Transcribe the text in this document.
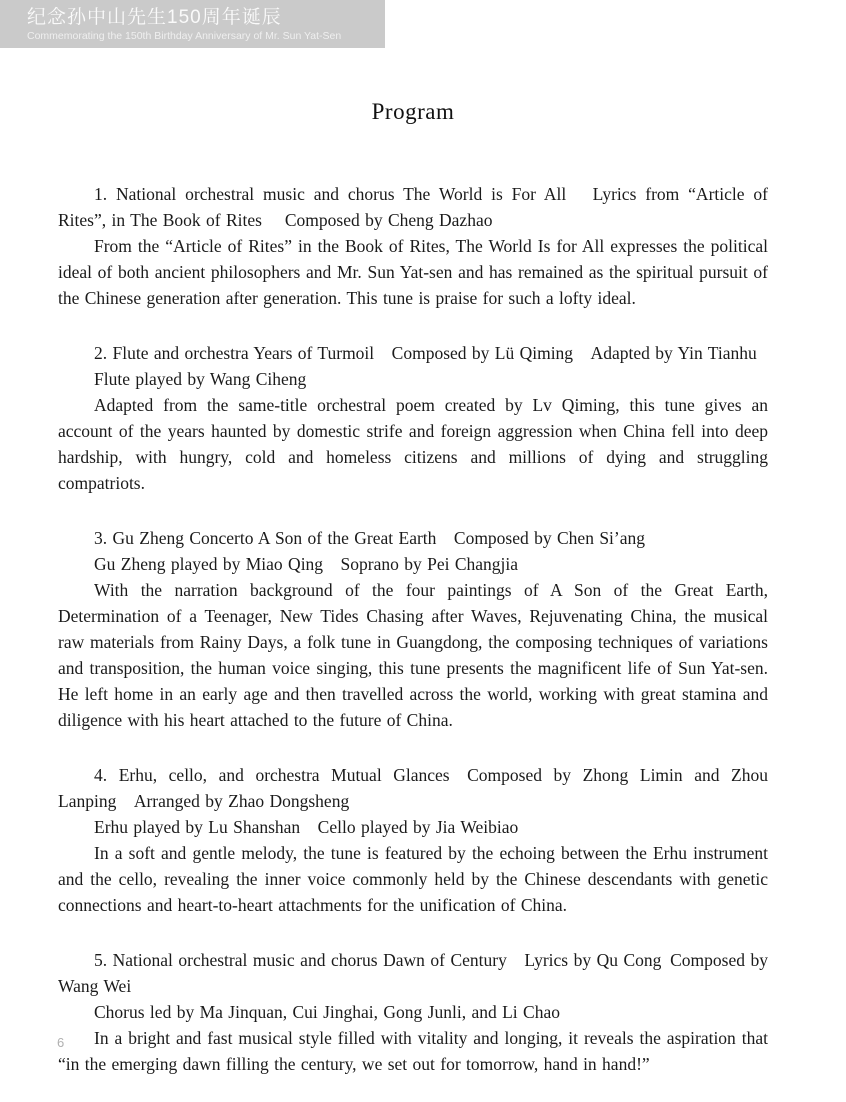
纪念孙中山先生150周年诞辰
Commemorating the 150th Birthday Anniversary of Mr. Sun Yat-Sen
Program

1. National orchestral music and chorus The World is For All  Lyrics from “Article of Rites”, in The Book of Rites  Composed by Cheng Dazhao

From the “Article of Rites” in the Book of Rites, The World Is for All expresses the political ideal of both ancient philosophers and Mr. Sun Yat-sen and has remained as the spiritual pursuit of the Chinese generation after generation. This tune is praise for such a lofty ideal.

2. Flute and orchestra Years of Turmoil Composed by Lü Qiming Adapted by Yin Tianhu

Flute played by Wang Ciheng

Adapted from the same-title orchestral poem created by Lv Qiming, this tune gives an account of the years haunted by domestic strife and foreign aggression when China fell into deep hardship, with hungry, cold and homeless citizens and millions of dying and struggling compatriots.

3. Gu Zheng Concerto A Son of the Great Earth Composed by Chen Si’ang

Gu Zheng played by Miao Qing Soprano by Pei Changjia

With the narration background of the four paintings of A Son of the Great Earth, Determination of a Teenager, New Tides Chasing after Waves, Rejuvenating China, the musical raw materials from Rainy Days, a folk tune in Guangdong, the composing techniques of variations and transposition, the human voice singing, this tune presents the magnificent life of Sun Yat-sen. He left home in an early age and then travelled across the world, working with great stamina and diligence with his heart attached to the future of China.

4. Erhu, cello, and orchestra Mutual Glances Composed by Zhong Limin and Zhou Lanping Arranged by Zhao Dongsheng

Erhu played by Lu Shanshan Cello played by Jia Weibiao

In a soft and gentle melody, the tune is featured by the echoing between the Erhu instrument and the cello, revealing the inner voice commonly held by the Chinese descendants with genetic connections and heart-to-heart attachments for the unification of China.

5. National orchestral music and chorus Dawn of Century Lyrics by Qu Cong Composed by Wang Wei

Chorus led by Ma Jinquan, Cui Jinghai, Gong Junli, and Li Chao

In a bright and fast musical style filled with vitality and longing, it reveals the aspiration that “in the emerging dawn filling the century, we set out for tomorrow, hand in hand!”

6
